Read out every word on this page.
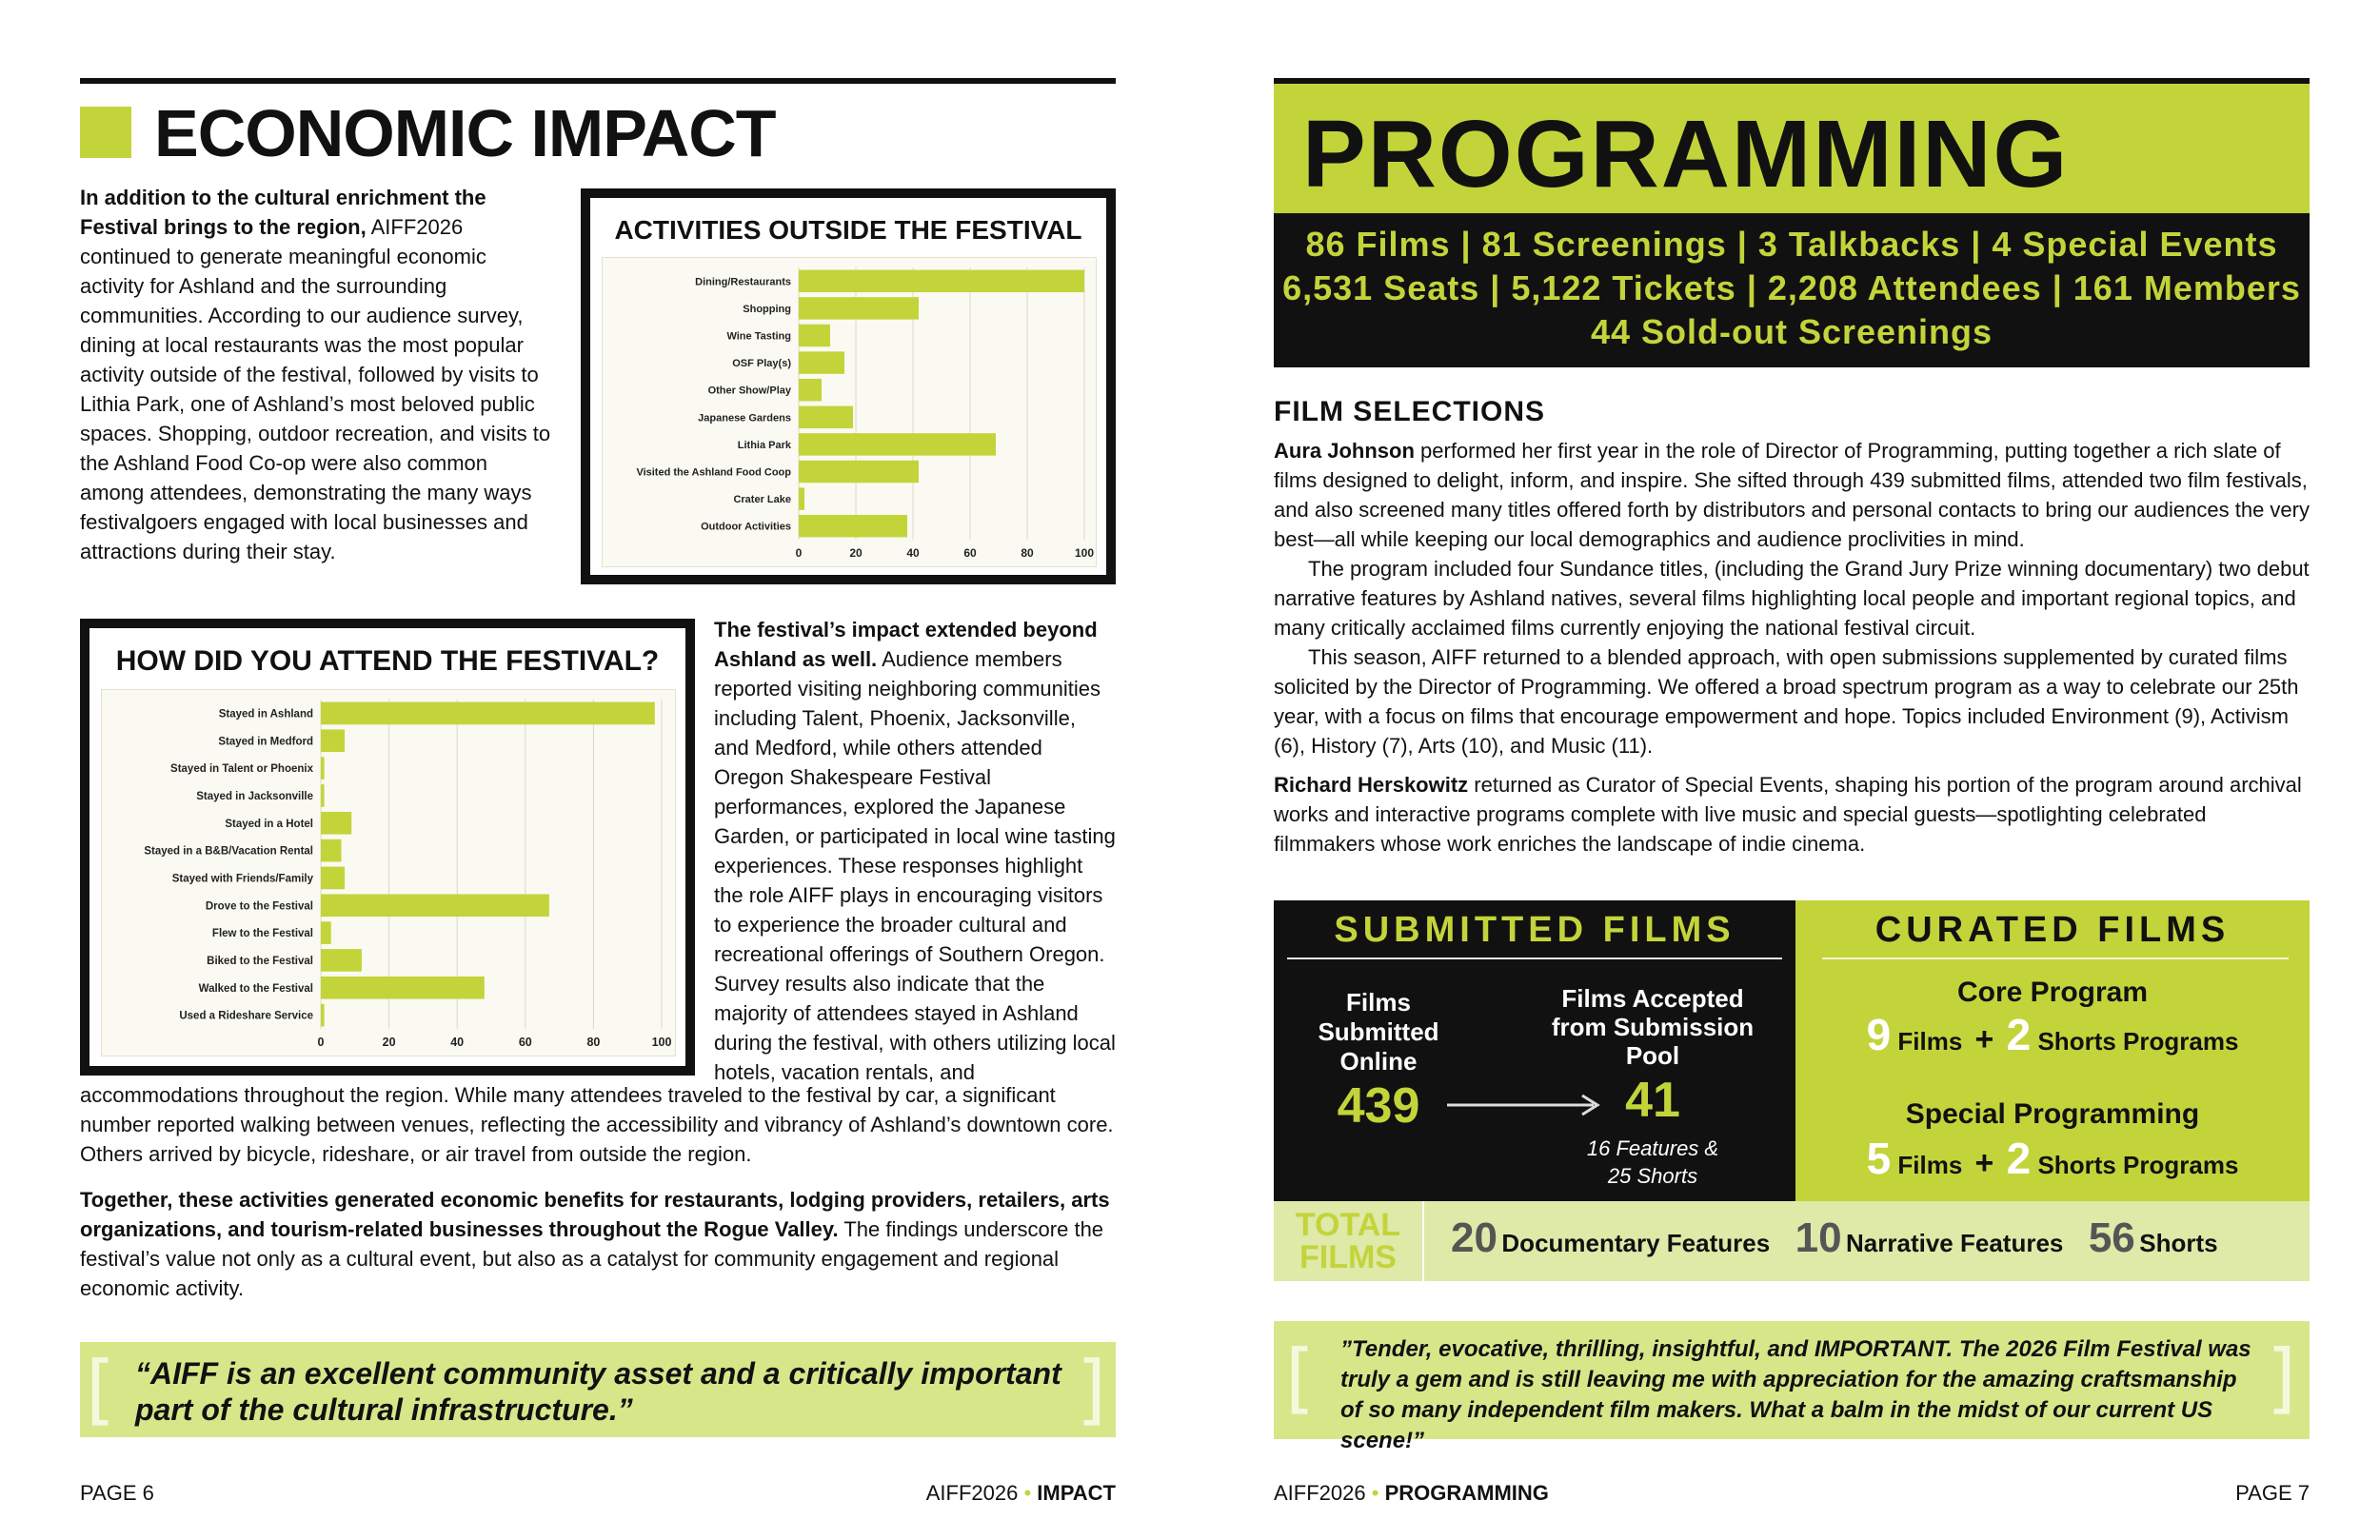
ECONOMIC IMPACT
In addition to the cultural enrichment the Festival brings to the region, AIFF2026 continued to generate meaningful economic activity for Ashland and the surrounding communities. According to our audience survey, dining at local restaurants was the most popular activity outside of the festival, followed by visits to Lithia Park, one of Ashland’s most beloved public spaces. Shopping, outdoor recreation, and visits to the Ashland Food Co-op were also common among attendees, demonstrating the many ways festivalgoers engaged with local businesses and attractions during their stay.
ACTIVITIES OUTSIDE THE FESTIVAL
0	20	40	60	80	100
Dining/Restaurants
Shopping
Wine Tasting
OSF Play(s)
Other Show/Play
Japanese Gardens
Lithia Park
Visited the Ashland Food Coop
Crater Lake
Outdoor Activities
HOW DID YOU ATTEND THE FESTIVAL?
0	20	40	60	80	100
Stayed in Ashland
Stayed in Medford
Stayed in Talent or Phoenix
Stayed in Jacksonville
Stayed in a Hotel
Stayed in a B&B/Vacation Rental
Stayed with Friends/Family
Drove to the Festival
Flew to the Festival
Biked to the Festival
Walked to the Festival
Used a Rideshare Service
The festival’s impact extended beyond Ashland as well. Audience members reported visiting neighboring communities including Talent, Phoenix, Jacksonville, and Medford, while others attended Oregon Shakespeare Festival performances, explored the Japanese Garden, or participated in local wine tasting experiences. These responses highlight the role AIFF plays in encouraging visitors to experience the broader cultural and recreational offerings of Southern Oregon. Survey results also indicate that the majority of attendees stayed in Ashland during the festival, with others utilizing local hotels, vacation rentals, and
accommodations throughout the region. While many attendees traveled to the festival by car, a significant number reported walking between venues, reflecting the accessibility and vibrancy of Ashland’s downtown core. Others arrived by bicycle, rideshare, or air travel from outside the region.
Together, these activities generated economic benefits for restaurants, lodging providers, retailers, arts organizations, and tourism-related businesses throughout the Rogue Valley. The findings underscore the festival’s value not only as a cultural event, but also as a catalyst for community engagement and regional economic activity.
[ “AIFF is an excellent community asset and a critically important part of the cultural infrastructure.”	]
PAGE 6	AIFF2026 • IMPACT
PROGRAMMING
86 Films | 81 Screenings | 3 Talkbacks | 4 Special Events
6,531 Seats | 5,122 Tickets | 2,208 Attendees | 161 Members
44 Sold-out Screenings
FILM SELECTIONS

Aura Johnson performed her first year in the role of Director of Programming, putting together a rich slate of films designed to delight, inform, and inspire. She sifted through 439 submitted films, attended two film festivals, and also screened many titles offered forth by distributors and personal contacts to bring our audiences the very best—all while keeping our local demographics and audience proclivities in mind.

The program included four Sundance titles, (including the Grand Jury Prize winning documentary) two debut narrative features by Ashland natives, several films highlighting local people and important regional topics, and many critically acclaimed films currently enjoying the national festival circuit.

This season, AIFF returned to a blended approach, with open submissions supplemented by curated films solicited by the Director of Programming. We offered a broad spectrum program as a way to celebrate our 25th year, with a focus on films that encourage empowerment and hope. Topics included Environment (9), Activism (6), History (7), Arts (10), and Music (11).

Richard Herskowitz returned as Curator of Special Events, shaping his portion of the program around archival works and interactive programs complete with live music and special guests—spotlighting celebrated filmmakers whose work enriches the landscape of indie cinema.

SUBMITTED FILMS
Films Submitted Online
439
Films Accepted from Submission Pool
41
16 Features & 25 Shorts
CURATED FILMS
Core Program
9 Films + 2 Shorts Programs
Special Programming
5 Films + 2 Shorts Programs
TOTAL
FILMS 20 Documentary Features 10 Narrative Features 56 Shorts
[ ”Tender, evocative, thrilling, insightful, and IMPORTANT. The 2026 Film Festival was truly a gem and is still leaving me with appreciation for the amazing craftsmanship of so many independent film makers. What a balm in the midst of our current US scene!”
]
AIFF2026 • PROGRAMMING	PAGE 7
